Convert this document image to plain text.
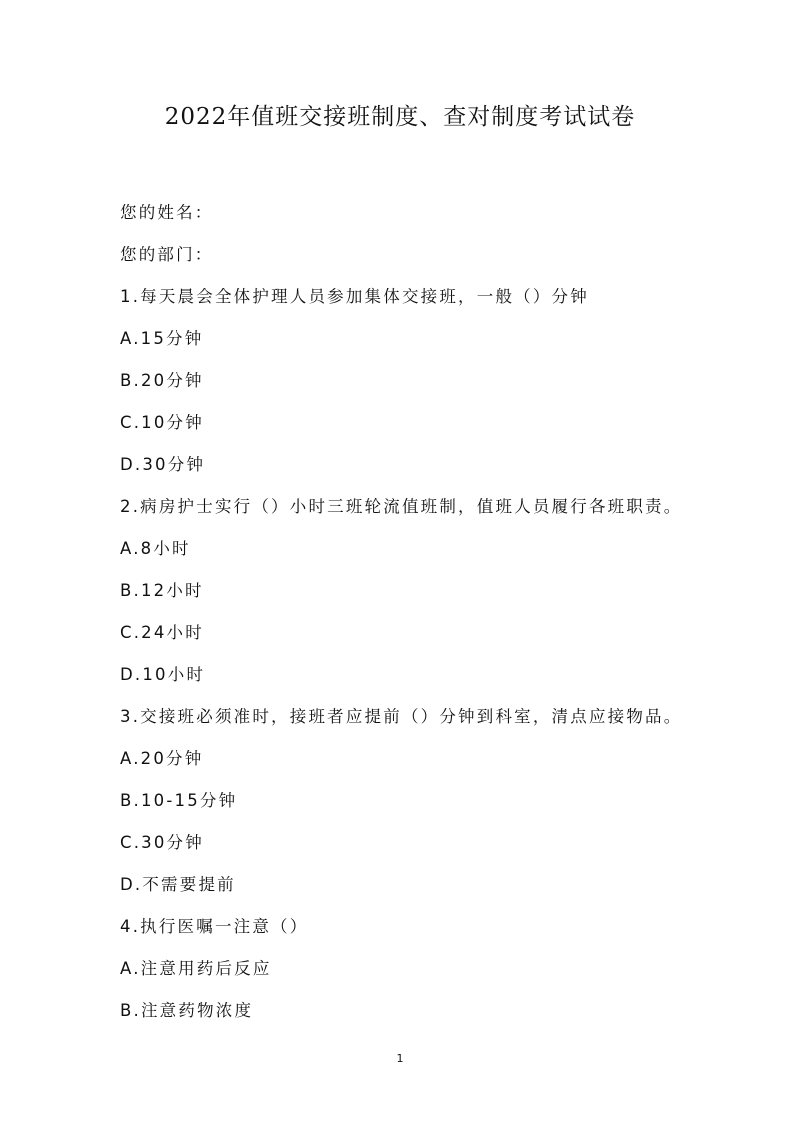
2022年值班交接班制度、查对制度考试试卷
您的姓名：
您的部门：
1.每天晨会全体护理人员参加集体交接班，一般（）分钟
A.15分钟
B.20分钟
C.10分钟
D.30分钟
2.病房护士实行（）小时三班轮流值班制，值班人员履行各班职责。
A.8小时
B.12小时
C.24小时
D.10小时
3.交接班必须准时，接班者应提前（）分钟到科室，清点应接物品。
A.20分钟
B.10-15分钟
C.30分钟
D.不需要提前
4.执行医嘱一注意（）
A.注意用药后反应
B.注意药物浓度
1
